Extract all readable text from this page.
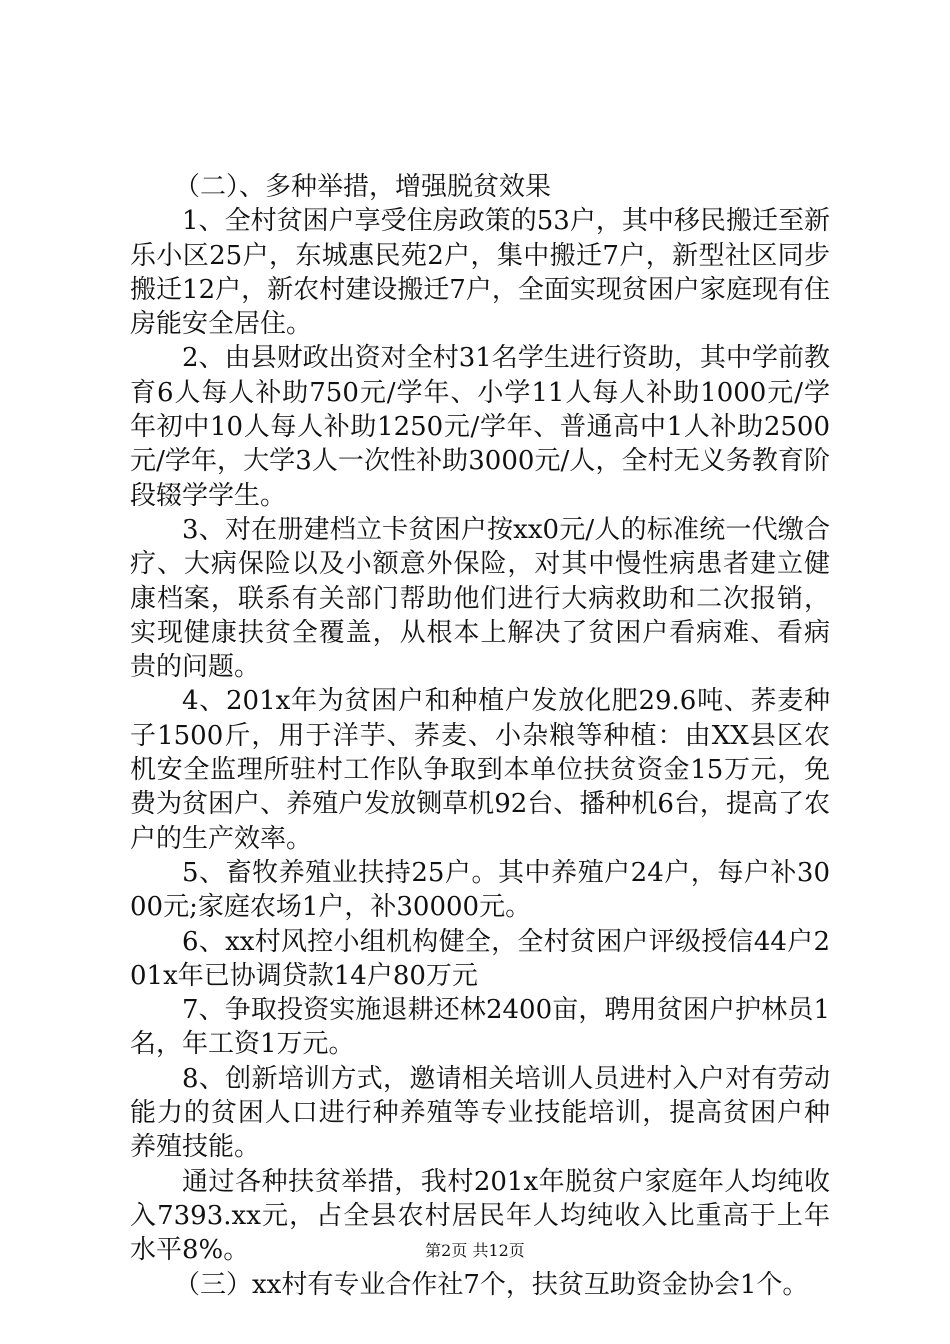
（二）、多种举措，增强脱贫效果

1、全村贫困户享受住房政策的53户，其中移民搬迁至新乐小区25户，东城惠民苑2户，集中搬迁7户，新型社区同步搬迁12户，新农村建设搬迁7户，全面实现贫困户家庭现有住房能安全居住。

2、由县财政出资对全村31名学生进行资助，其中学前教育6人每人补助750元/学年、小学11人每人补助1000元/学年初中10人每人补助1250元/学年、普通高中1人补助2500元/学年，大学3人一次性补助3000元/人，全村无义务教育阶段辍学学生。

3、对在册建档立卡贫困户按xx0元/人的标准统一代缴合疗、大病保险以及小额意外保险，对其中慢性病患者建立健康档案，联系有关部门帮助他们进行大病救助和二次报销，实现健康扶贫全覆盖，从根本上解决了贫困户看病难、看病贵的问题。

4、201x年为贫困户和种植户发放化肥29.6吨、荞麦种子1500斤，用于洋芋、荞麦、小杂粮等种植：由XX县区农机安全监理所驻村工作队争取到本单位扶贫资金15万元，免费为贫困户、养殖户发放铡草机92台、播种机6台，提高了农户的生产效率。

5、畜牧养殖业扶持25户。其中养殖户24户，每户补3000元;家庭农场1户，补30000元。

6、xx村风控小组机构健全，全村贫困户评级授信44户201x年已协调贷款14户80万元

7、争取投资实施退耕还林2400亩，聘用贫困户护林员1名，年工资1万元。

8、创新培训方式，邀请相关培训人员进村入户对有劳动能力的贫困人口进行种养殖等专业技能培训，提高贫困户种养殖技能。

通过各种扶贫举措，我村201x年脱贫户家庭年人均纯收入7393.xx元，占全县农村居民年人均纯收入比重高于上年水平8%。

（三）xx村有专业合作社7个，扶贫互助资金协会1个。

第2页 共12页
